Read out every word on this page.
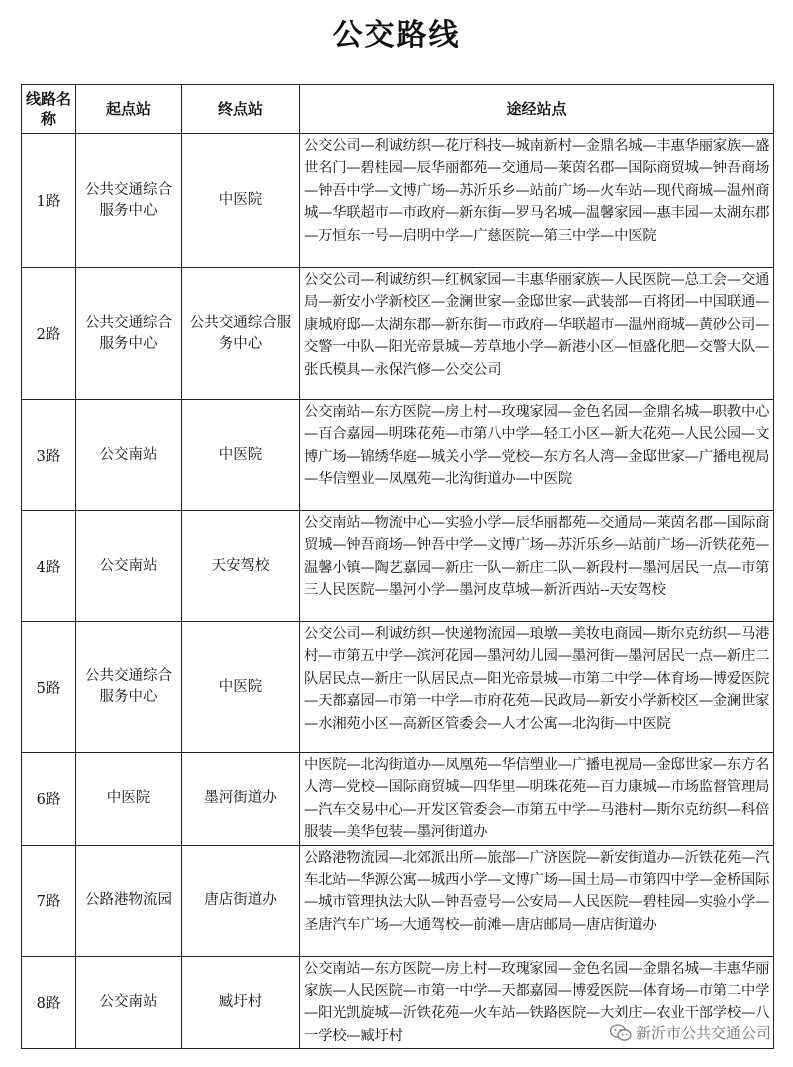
公交路线
线路名称	起点站	终点站	途经站点
1路	公共交通综合服务中心	中医院	公交公司—利诚纺织—花厅科技—城南新村—金鼎名城—丰惠华丽家族—盛世名门—碧桂园—辰华丽都苑—交通局—莱茵名郡—国际商贸城—钟吾商场—钟吾中学—文博广场—苏沂乐乡—站前广场—火车站—现代商城—温州商城—华联超市—市政府—新东街—罗马名城—温馨家园—惠丰园—太湖东郡—万恒东一号—启明中学—广慈医院—第三中学—中医院
2路	公共交通综合服务中心	公共交通综合服务中心	公交公司—利诚纺织—红枫家园—丰惠华丽家族—人民医院—总工会—交通局—新安小学新校区—金澜世家—金邸世家—武装部—百将团—中国联通—康城府邸—太湖东郡—新东街—市政府—华联超市—温州商城—黄砂公司—交警一中队—阳光帝景城—芳草地小学—新港小区—恒盛化肥—交警大队—张氏模具—永保汽修—公交公司
3路	公交南站	中医院	公交南站—东方医院—房上村—玫瑰家园—金色名园—金鼎名城—职教中心—百合嘉园—明珠花苑—市第八中学—轻工小区—新大花苑—人民公园—文博广场—锦绣华庭—城关小学—党校—东方名人湾—金邸世家—广播电视局—华信塑业—凤凰苑—北沟街道办—中医院
4路	公交南站	天安驾校	公交南站—物流中心—实验小学—辰华丽都苑—交通局—莱茵名郡—国际商贸城—钟吾商场—钟吾中学—文博广场—苏沂乐乡—站前广场—沂铁花苑—温馨小镇—陶艺嘉园—新庄一队—新庄二队—新段村—墨河居民一点—市第三人民医院—墨河小学—墨河皮草城—新沂西站--天安驾校
5路	公共交通综合服务中心	中医院	公交公司—利诚纺织—快递物流园—琅墩—美妆电商园—斯尔克纺织—马港村—市第五中学—滨河花园—墨河幼儿园—墨河街—墨河居民一点—新庄二队居民点—新庄一队居民点—阳光帝景城—市第二中学—体育场—博爱医院—天都嘉园—市第一中学—市府花苑—民政局—新安小学新校区—金澜世家—水湘苑小区—高新区管委会—人才公寓—北沟街—中医院
6路	中医院	墨河街道办	中医院—北沟街道办—凤凰苑—华信塑业—广播电视局—金邸世家—东方名人湾—党校—国际商贸城—四华里—明珠花苑—百力康城—市场监督管理局—汽车交易中心—开发区管委会—市第五中学—马港村—斯尔克纺织—科倍服装—美华包装—墨河街道办
7路	公路港物流园	唐店街道办	公路港物流园—北郊派出所—旅部—广济医院—新安街道办—沂铁花苑—汽车北站—华源公寓—城西小学—文博广场—国土局—市第四中学—金桥国际—城市管理执法大队—钟吾壹号—公安局—人民医院—碧桂园—实验小学—圣唐汽车广场—大通驾校—前滩—唐店邮局—唐店街道办
8路	公交南站	臧圩村	公交南站—东方医院—房上村—玫瑰家园—金色名园—金鼎名城—丰惠华丽家族—人民医院—市第一中学—天都嘉园—博爱医院—体育场—市第二中学—阳光凯旋城—沂铁花苑—火车站—铁路医院—大刘庄—农业干部学校—八一学校—臧圩村	新沂市公共交通公司
